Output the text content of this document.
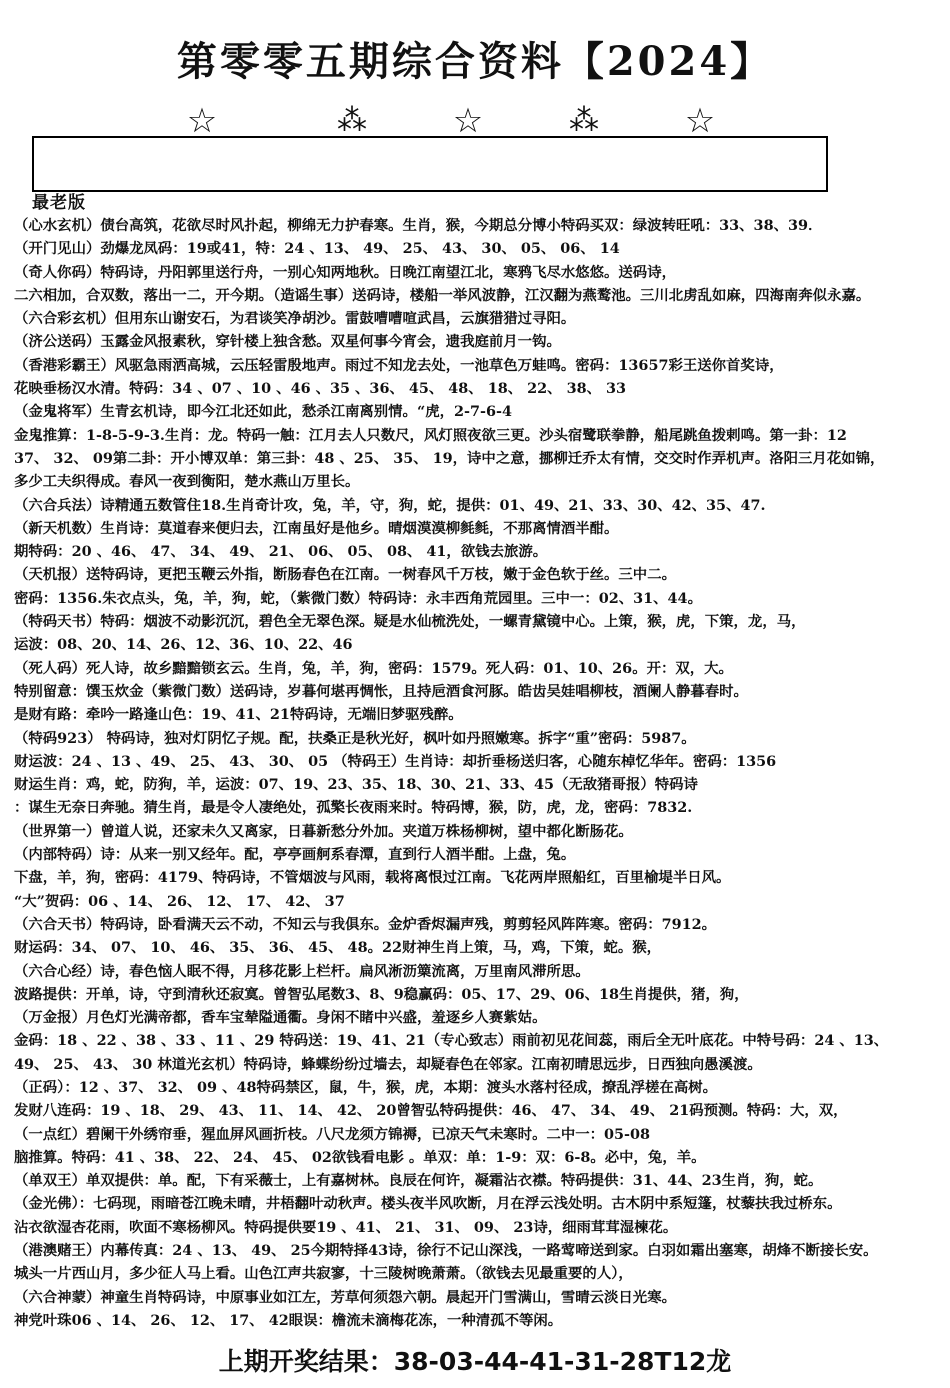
第零零五期综合资料【2024】
☆	⁂	☆	⁂	☆
最老版
（心水玄机）债台高筑，花欲尽时风扑起，柳绵无力护春寒。生肖，猴，今期总分博小特码买双：绿波转旺吼：33、38、39．
（开门见山）劲爆龙凤码：19或41，特：24 、13、 49、 25、 43、 30、 05、 06、 14
（奇人你码）特码诗，丹阳郭里送行舟，一别心知两地秋。日晚江南望江北，寒鸦飞尽水悠悠。送码诗，
二六相加，合双数，落出一二，开今期。（造谣生事）送码诗，楼船一举风波静，江汉翻为燕鹜池。三川北虏乱如麻，四海南奔似永嘉。
（六合彩玄机）但用东山谢安石，为君谈笑净胡沙。雷鼓嘈嘈喧武昌，云旗猎猎过寻阳。
（济公送码）玉露金风报素秋，穿针楼上独含愁。双星何事今宵会，遗我庭前月一钩。
（香港彩霸王）风驱急雨洒高城，云压轻雷殷地声。雨过不知龙去处，一池草色万蛙鸣。密码：13657彩王送你首奖诗，
花映垂杨汉水清。特码：34 、07 、10 、46 、35 、36、 45、 48、 18、 22、 38、 33
（金鬼将军）生青玄机诗，即今江北还如此，愁杀江南离别情。“虎，2-7-6-4
金鬼推算：1-8-5-9-3.生肖：龙。特码一触：江月去人只数尺，风灯照夜欲三更。沙头宿鹭联拳静，船尾跳鱼拨剌鸣。第一卦：12
37、 32、 09第二卦：开小博双单：第三卦：48 、25、 35、 19，诗中之意，挪柳迁乔太有情，交交时作弄机声。洛阳三月花如锦，
多少工夫织得成。春风一夜到衡阳，楚水燕山万里长。
（六合兵法）诗精通五数管住18.生肖奇计攻，兔，羊，守，狗，蛇，提供：01、49、21、33、30、42、35、47.
（新天机数）生肖诗：莫道春来便归去，江南虽好是他乡。晴烟漠漠柳毵毵，不那离情酒半酣。
期特码：20 、46、 47、 34、 49、 21、 06、 05、 08、 41，欲钱去旅游。
（天机报）送特码诗，更把玉鞭云外指，断肠春色在江南。一树春风千万枝，嫩于金色软于丝。三中二。
密码：1356.朱衣点头，兔，羊，狗，蛇，（紫微门数）特码诗：永丰西角荒园里。三中一：02、31、44。
（特码天书）特码：烟波不动影沉沉，碧色全无翠色深。疑是水仙梳洗处，一螺青黛镜中心。上策，猴，虎，下策，龙，马，
运波：08、20、14、26、12、36、10、22、46
（死人码）死人诗，故乡黯黯锁玄云。生肖，兔，羊，狗，密码：1579。死人码：01、10、26。开：双，大。
特别留意：馔玉炊金（紫微门数）送码诗，岁暮何堪再惆怅，且持巵酒食河豚。皓齿吴娃唱柳枝，酒阑人静暮春时。
是财有路：牵吟一路逢山色：19、41、21特码诗，无端旧梦驱残醉。
（特码923） 特码诗，独对灯阴忆子规。配，扶桑正是秋光好，枫叶如丹照嫩寒。拆字“重”密码：5987。
财运波：24 、13 、49、 25、 43、 30、 05 （特码王）生肖诗：却折垂杨送归客，心随东棹忆华年。密码：1356
财运生肖：鸡，蛇，防狗，羊，运波：07、19、23、35、18、30、21、33、45（无敌猪哥报）特码诗
：谋生无奈日奔驰。猜生肖，最是令人凄绝处，孤檠长夜雨来时。特码博，猴，防，虎，龙，密码：7832.
（世界第一）曾道人说，还家未久又离家，日暮新愁分外加。夹道万株杨柳树，望中都化断肠花。
（内部特码）诗：从来一别又经年。配，亭亭画舸系春潭，直到行人酒半酣。上盘，兔。
下盘，羊，狗，密码：4179、特码诗，不管烟波与风雨，载将离恨过江南。飞花两岸照船红，百里榆堤半日风。
“大”贺码：06 、14、 26、 12、 17、 42、 37
（六合天书）特码诗，卧看满天云不动，不知云与我俱东。金炉香烬漏声残，剪剪轻风阵阵寒。密码：7912。
财运码：34、 07、 10、 46、 35、 36、 45、 48。22财神生肖上策，马，鸡，下策，蛇。猴，
（六合心经）诗，春色恼人眠不得，月移花影上栏杆。扁风淅沥篥流离，万里南风滞所思。
波路提供：开单，诗，守到清秋还寂寞。曾智弘尾数3、8、9稳赢码：05、17、29、06、18生肖提供，猪，狗，
（万金报）月色灯光满帝都，香车宝辇隘通衢。身闲不睹中兴盛，羞逐乡人赛紫姑。
金码：18 、22 、38 、33 、11 、29 特码送：19、41、21（专心致志）雨前初见花间蕊，雨后全无叶底花。中特号码：24 、13、
49、 25、 43、 30 林道光玄机）特码诗，蜂蝶纷纷过墙去，却疑春色在邻家。江南初晴思远步，日西独向愚溪渡。
（正码）：12 、37、 32、 09 、48特码禁区，鼠，牛，猴，虎，本期：渡头水落村径成，撩乱浮槎在高树。
发财八连码：19 、18、 29、 43、 11、 14、 42、 20曾智弘特码提供：46、 47、 34、 49、 21码预测。特码：大，双，
（一点红）碧阑干外绣帘垂，猩血屏风画折枝。八尺龙须方锦褥，已凉天气未寒时。二中一：05-08
脑推算。特码：41 、38、 22、 24、 45、 02欲钱看电影 。单双：单：1-9：双：6-8。必中，兔，羊。
（单双王）单双提供：单。配，下有采薇士，上有嘉树林。良辰在何许，凝霜沾衣襟。特码提供：31、44、23生肖，狗，蛇。
（金光佛）：七码现，雨暗苍江晚未晴，井梧翻叶动秋声。楼头夜半风吹断，月在浮云浅处明。古木阴中系短篷，杖藜扶我过桥东。
沾衣欲湿杏花雨，吹面不寒杨柳风。特码提供要19 、41、 21、 31、 09、 23诗，细雨茸茸湿楝花。
（港澳赌王）内幕传真：24 、13、 49、 25今期特择43诗，徐行不记山深浅，一路莺啼送到家。白羽如霜出塞寒，胡烽不断接长安。
城头一片西山月，多少征人马上看。山色江声共寂寥，十三陵树晚萧萧。（欲钱去见最重要的人），
（六合神蒙）神童生肖特码诗，中原事业如江左，芳草何须怨六朝。晨起开门雪满山，雪晴云淡日光寒。
神党叶珠06 、14、 26、 12、 17、 42眼误：檐流未滴梅花冻，一种清孤不等闲。
上期开奖结果：38-03-44-41-31-28T12龙
